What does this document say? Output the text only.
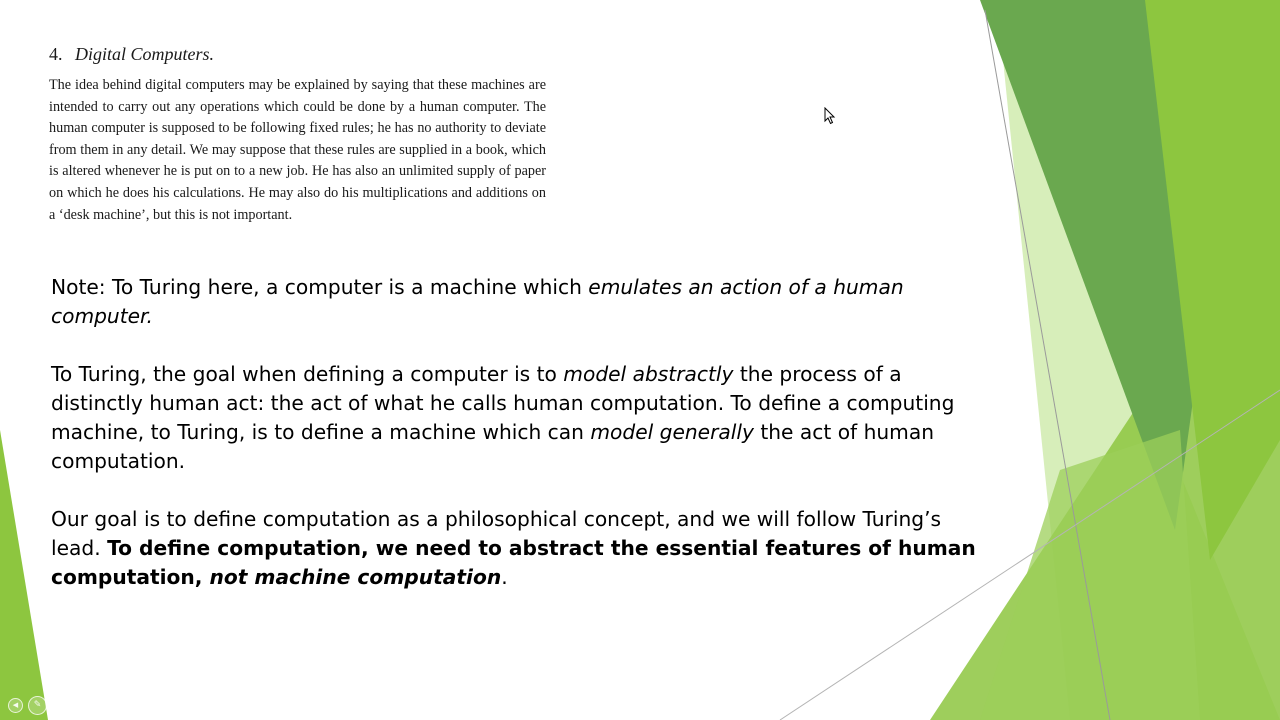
4. Digital Computers.

The idea behind digital computers may be explained by saying that these machines are intended to carry out any operations which could be done by a human computer. The human computer is supposed to be following fixed rules; he has no authority to deviate from them in any detail. We may suppose that these rules are supplied in a book, which is altered whenever he is put on to a new job. He has also an unlimited supply of paper on which he does his calculations. He may also do his multiplications and additions on a ‘desk machine’, but this is not important.

Note: To Turing here, a computer is a machine which emulates an action of a human computer.

To Turing, the goal when defining a computer is to model abstractly the process of a distinctly human act: the act of what he calls human computation. To define a computing machine, to Turing, is to define a machine which can model generally the act of human computation.

Our goal is to define computation as a philosophical concept, and we will follow Turing’s lead. To define computation, we need to abstract the essential features of human computation, not machine computation.

◀	✎	▦	☌	▤	⋯
